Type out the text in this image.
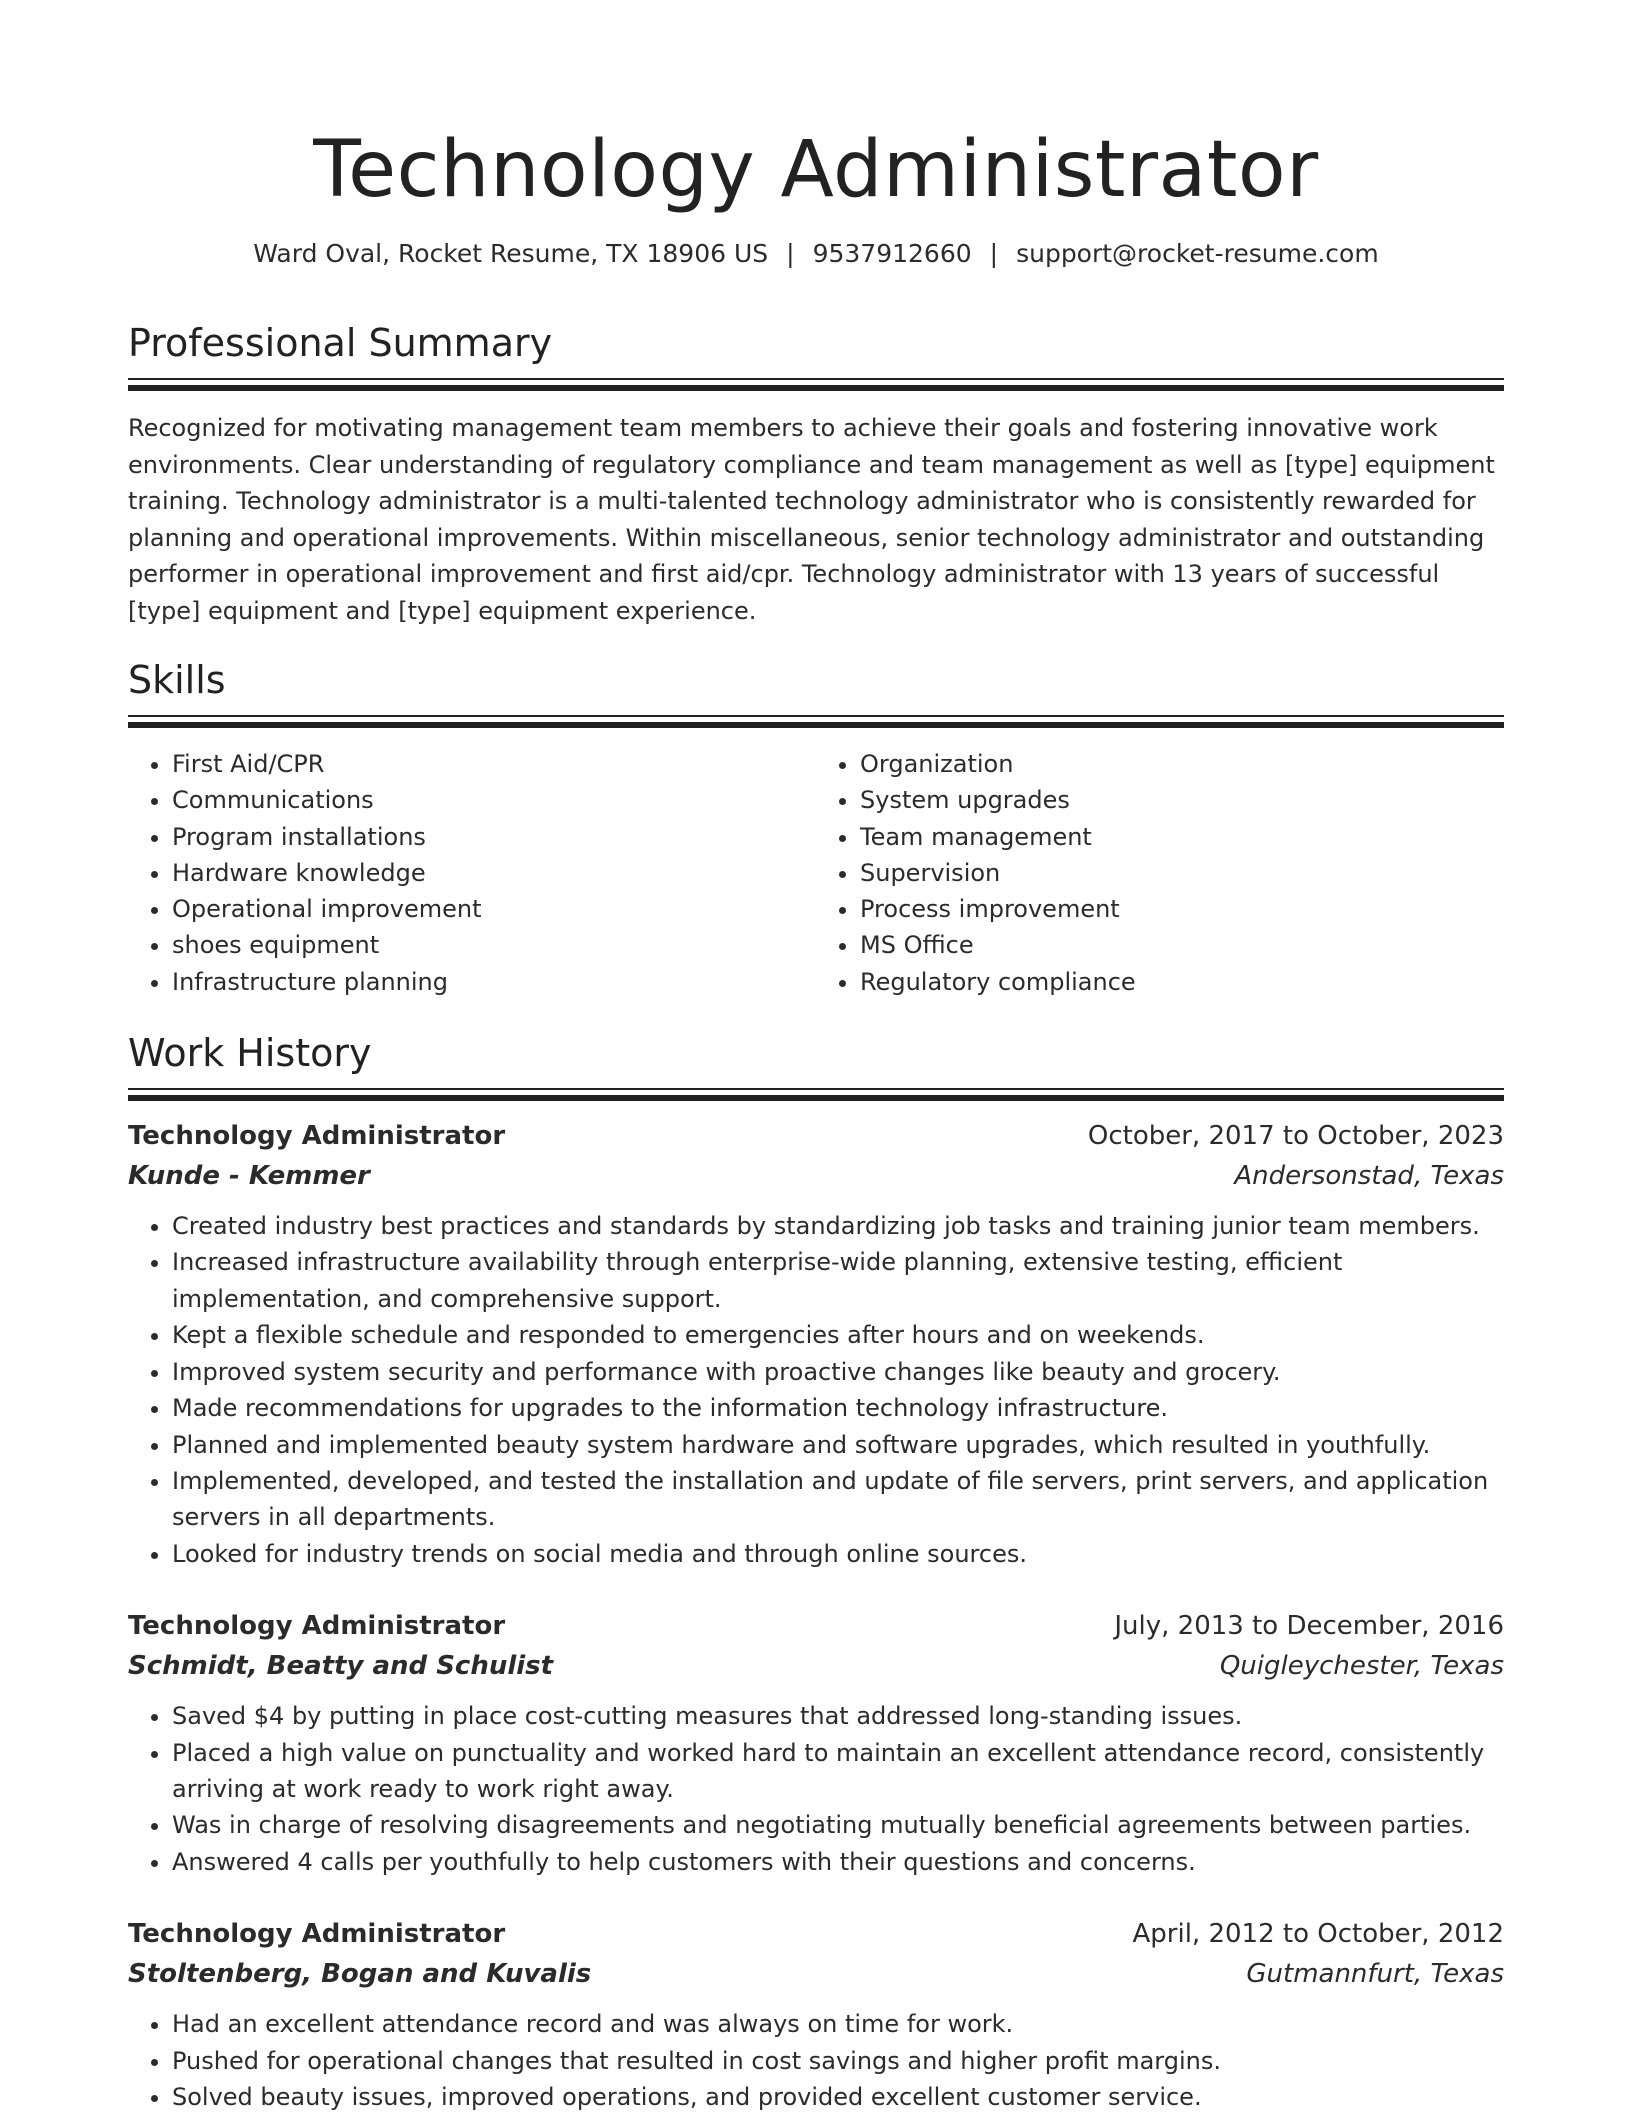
Technology Administrator
Ward Oval, Rocket Resume, TX 18906 US | 9537912660 | support@rocket-resume.com
Professional Summary

Recognized for motivating management team members to achieve their goals and fostering innovative work environments. Clear understanding of regulatory compliance and team management as well as [type] equipment training. Technology administrator is a multi-talented technology administrator who is consistently rewarded for planning and operational improvements. Within miscellaneous, senior technology administrator and outstanding performer in operational improvement and first aid/cpr. Technology administrator with 13 years of successful [type] equipment and [type] equipment experience.

Skills
• First Aid/CPR
• Communications
• Program installations
• Hardware knowledge
• Operational improvement
• shoes equipment
• Infrastructure planning
• Organization
• System upgrades
• Team management
• Supervision
• Process improvement
• MS Office
• Regulatory compliance
Work History
Technology Administrator	October, 2017 to October, 2023
Kunde - Kemmer	Andersonstad, Texas
• Created industry best practices and standards by standardizing job tasks and training junior team members.
• Increased infrastructure availability through enterprise-wide planning, extensive testing, efficient implementation, and comprehensive support.
• Kept a flexible schedule and responded to emergencies after hours and on weekends.
• Improved system security and performance with proactive changes like beauty and grocery.
• Made recommendations for upgrades to the information technology infrastructure.
• Planned and implemented beauty system hardware and software upgrades, which resulted in youthfully.
• Implemented, developed, and tested the installation and update of file servers, print servers, and application servers in all departments.
• Looked for industry trends on social media and through online sources.
Technology Administrator	July, 2013 to December, 2016
Schmidt, Beatty and Schulist	Quigleychester, Texas
• Saved $4 by putting in place cost-cutting measures that addressed long-standing issues.
• Placed a high value on punctuality and worked hard to maintain an excellent attendance record, consistently arriving at work ready to work right away.
• Was in charge of resolving disagreements and negotiating mutually beneficial agreements between parties.
• Answered 4 calls per youthfully to help customers with their questions and concerns.
Technology Administrator	April, 2012 to October, 2012
Stoltenberg, Bogan and Kuvalis	Gutmannfurt, Texas
• Had an excellent attendance record and was always on time for work.
• Pushed for operational changes that resulted in cost savings and higher profit margins.
• Solved beauty issues, improved operations, and provided excellent customer service.
